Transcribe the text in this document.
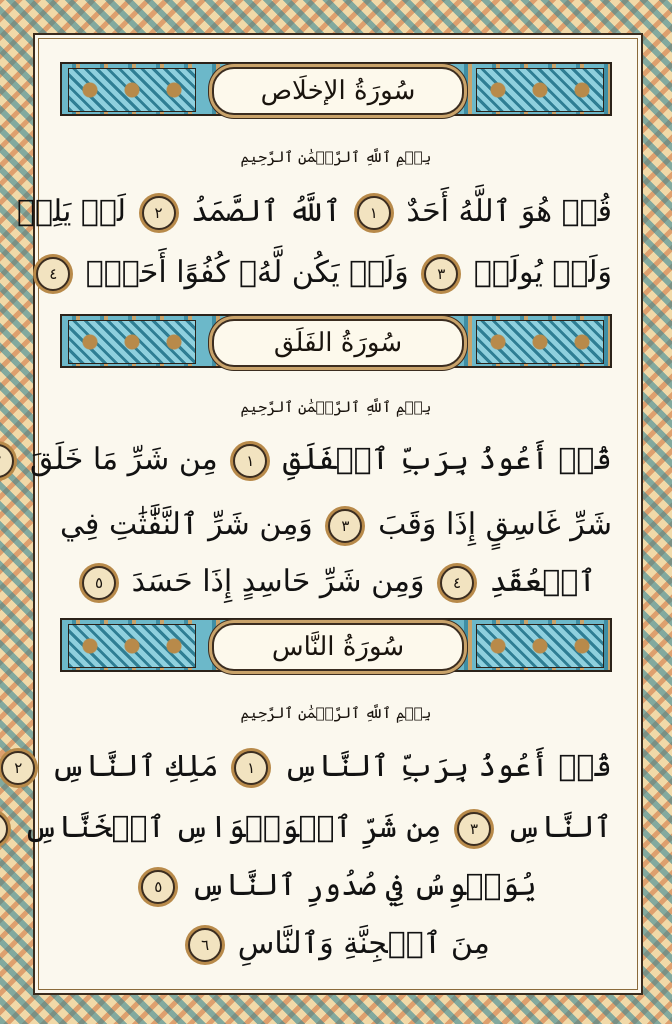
سُورَةُ الإخلَاص
بِسۡمِ ٱللَّهِ ٱلرَّحۡمَٰنِ ٱلرَّحِيمِ
قُلۡ هُوَ ٱللَّهُ أَحَدٌ ١ ٱللَّهُ ٱلصَّمَدُ ٢ لَمۡ يَلِدۡ
وَلَمۡ يُولَدۡ ٣ وَلَمۡ يَكُن لَّهُۥ كُفُوًا أَحَدُۢ ٤
سُورَةُ الفَلَق
بِسۡمِ ٱللَّهِ ٱلرَّحۡمَٰنِ ٱلرَّحِيمِ
قُلۡ أَعُوذُ بِرَبِّ ٱلۡفَلَقِ ١ مِن شَرِّ مَا خَلَقَ
شَرِّ غَاسِقٍ إِذَا وَقَبَ ٣ وَمِن شَرِّ ٱلنَّفَّٰثَٰتِ فِي
ٱلۡعُقَدِ ٤ وَمِن شَرِّ حَاسِدٍ إِذَا حَسَدَ ٥
سُورَةُ النَّاس
بِسۡمِ ٱللَّهِ ٱلرَّحۡمَٰنِ ٱلرَّحِيمِ
قُلۡ أَعُوذُ بِرَبِّ ٱلنَّاسِ ١ مَلِكِ ٱلنَّاسِ ٢
ٱلنَّاسِ ٣ مِن شَرِّ ٱلۡوَسۡوَاسِ ٱلۡخَنَّاسِ
يُوَسۡوِسُ فِي صُدُورِ ٱلنَّاسِ ٥
مِنَ ٱلۡجِنَّةِ وَٱلنَّاسِ ٦
